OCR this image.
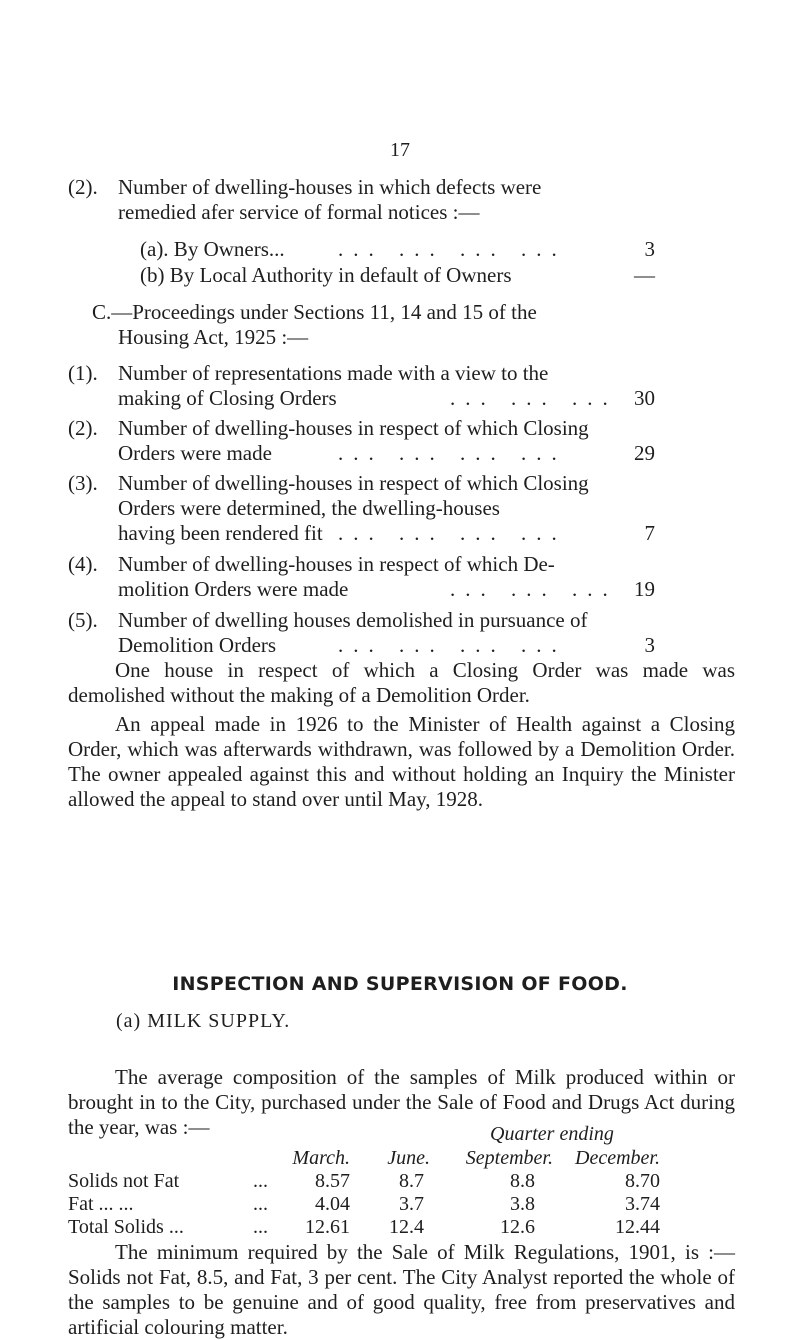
17
(2). Number of dwelling-houses in which defects were
remedied afer service of formal notices :—
(a). By Owners...	... ... ... ...	3
(b) By Local Authority in default of Owners	—
C.—Proceedings under Sections 11, 14 and 15 of the
Housing Act, 1925 :—
(1). Number of representations made with a view to the
making of Closing Orders	... ... ... 30
(2). Number of dwelling-houses in respect of which Closing
Orders were made	... ... ... ...	29
(3). Number of dwelling-houses in respect of which Closing
Orders were determined, the dwelling-houses
having been rendered fit ... ... ... ...	7
(4). Number of dwelling-houses in respect of which De-
molition Orders were made	... ... ... 19
(5). Number of dwelling houses demolished in pursuance of
Demolition Orders	... ... ... ...	3
One house in respect of which a Closing Order was made was demolished without the making of a Demolition Order.
An appeal made in 1926 to the Minister of Health against a Closing Order, which was afterwards withdrawn, was followed by a Demolition Order. The owner appealed against this and without holding an Inquiry the Minister allowed the appeal to stand over until May, 1928.
INSPECTION AND SUPERVISION OF FOOD.
(a) MILK SUPPLY.
The average composition of the samples of Milk produced within or brought in to the City, purchased under the Sale of Food and Drugs Act during the year, was :—	Quarter ending
		March.	June.	September.	December.
Solids not Fat	...	8.57	8.7	8.8	8.70
Fat ... ...	...	4.04	3.7	3.8	3.74
Total Solids ...	...	12.61	12.4	12.6	12.44
The minimum required by the Sale of Milk Regulations, 1901, is :—Solids not Fat, 8.5, and Fat, 3 per cent. The City Analyst reported the whole of the samples to be genuine and of good quality, free from preservatives and artificial colouring matter.
